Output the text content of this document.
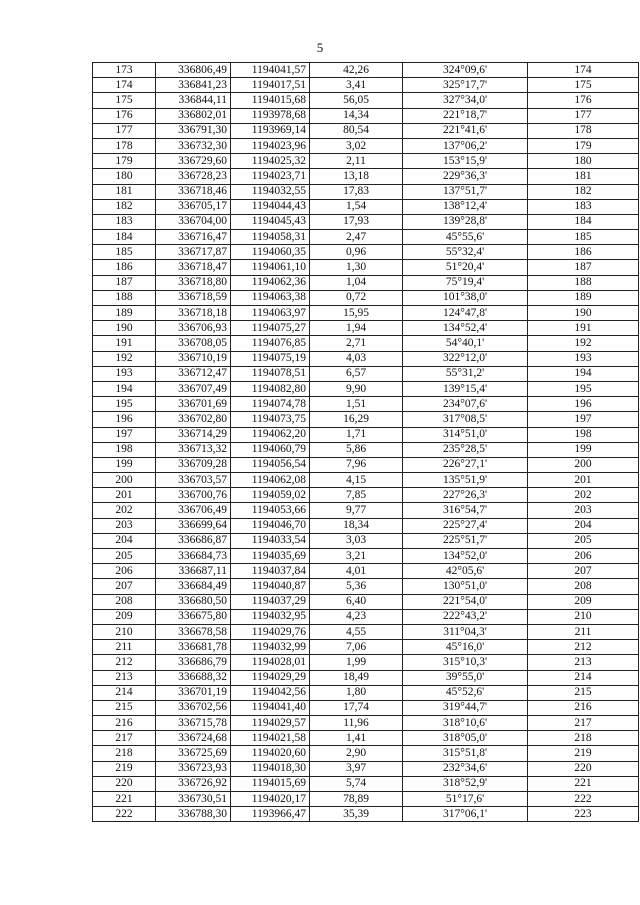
5
173	336806,49	1194041,57	42,26	324°09,6'	174
174	336841,23	1194017,51	3,41	325°17,7'	175
175	336844,11	1194015,68	56,05	327°34,0'	176
176	336802,01	1193978,68	14,34	221°18,7'	177
177	336791,30	1193969,14	80,54	221°41,6'	178
178	336732,30	1194023,96	3,02	137°06,2'	179
179	336729,60	1194025,32	2,11	153°15,9'	180
180	336728,23	1194023,71	13,18	229°36,3'	181
181	336718,46	1194032,55	17,83	137°51,7'	182
182	336705,17	1194044,43	1,54	138°12,4'	183
183	336704,00	1194045,43	17,93	139°28,8'	184
184	336716,47	1194058,31	2,47	45°55,6'	185
185	336717,87	1194060,35	0,96	55°32,4'	186
186	336718,47	1194061,10	1,30	51°20,4'	187
187	336718,80	1194062,36	1,04	75°19,4'	188
188	336718,59	1194063,38	0,72	101°38,0'	189
189	336718,18	1194063,97	15,95	124°47,8'	190
190	336706,93	1194075,27	1,94	134°52,4'	191
191	336708,05	1194076,85	2,71	54°40,1'	192
192	336710,19	1194075,19	4,03	322°12,0'	193
193	336712,47	1194078,51	6,57	55°31,2'	194
194	336707,49	1194082,80	9,90	139°15,4'	195
195	336701,69	1194074,78	1,51	234°07,6'	196
196	336702,80	1194073,75	16,29	317°08,5'	197
197	336714,29	1194062,20	1,71	314°51,0'	198
198	336713,32	1194060,79	5,86	235°28,5'	199
199	336709,28	1194056,54	7,96	226°27,1'	200
200	336703,57	1194062,08	4,15	135°51,9'	201
201	336700,76	1194059,02	7,85	227°26,3'	202
202	336706,49	1194053,66	9,77	316°54,7'	203
203	336699,64	1194046,70	18,34	225°27,4'	204
204	336686,87	1194033,54	3,03	225°51,7'	205
205	336684,73	1194035,69	3,21	134°52,0'	206
206	336687,11	1194037,84	4,01	42°05,6'	207
207	336684,49	1194040,87	5,36	130°51,0'	208
208	336680,50	1194037,29	6,40	221°54,0'	209
209	336675,80	1194032,95	4,23	222°43,2'	210
210	336678,58	1194029,76	4,55	311°04,3'	211
211	336681,78	1194032,99	7,06	45°16,0'	212
212	336686,79	1194028,01	1,99	315°10,3'	213
213	336688,32	1194029,29	18,49	39°55,0'	214
214	336701,19	1194042,56	1,80	45°52,6'	215
215	336702,56	1194041,40	17,74	319°44,7'	216
216	336715,78	1194029,57	11,96	318°10,6'	217
217	336724,68	1194021,58	1,41	318°05,0'	218
218	336725,69	1194020,60	2,90	315°51,8'	219
219	336723,93	1194018,30	3,97	232°34,6'	220
220	336726,92	1194015,69	5,74	318°52,9'	221
221	336730,51	1194020,17	78,89	51°17,6'	222
222	336788,30	1193966,47	35,39	317°06,1'	223
